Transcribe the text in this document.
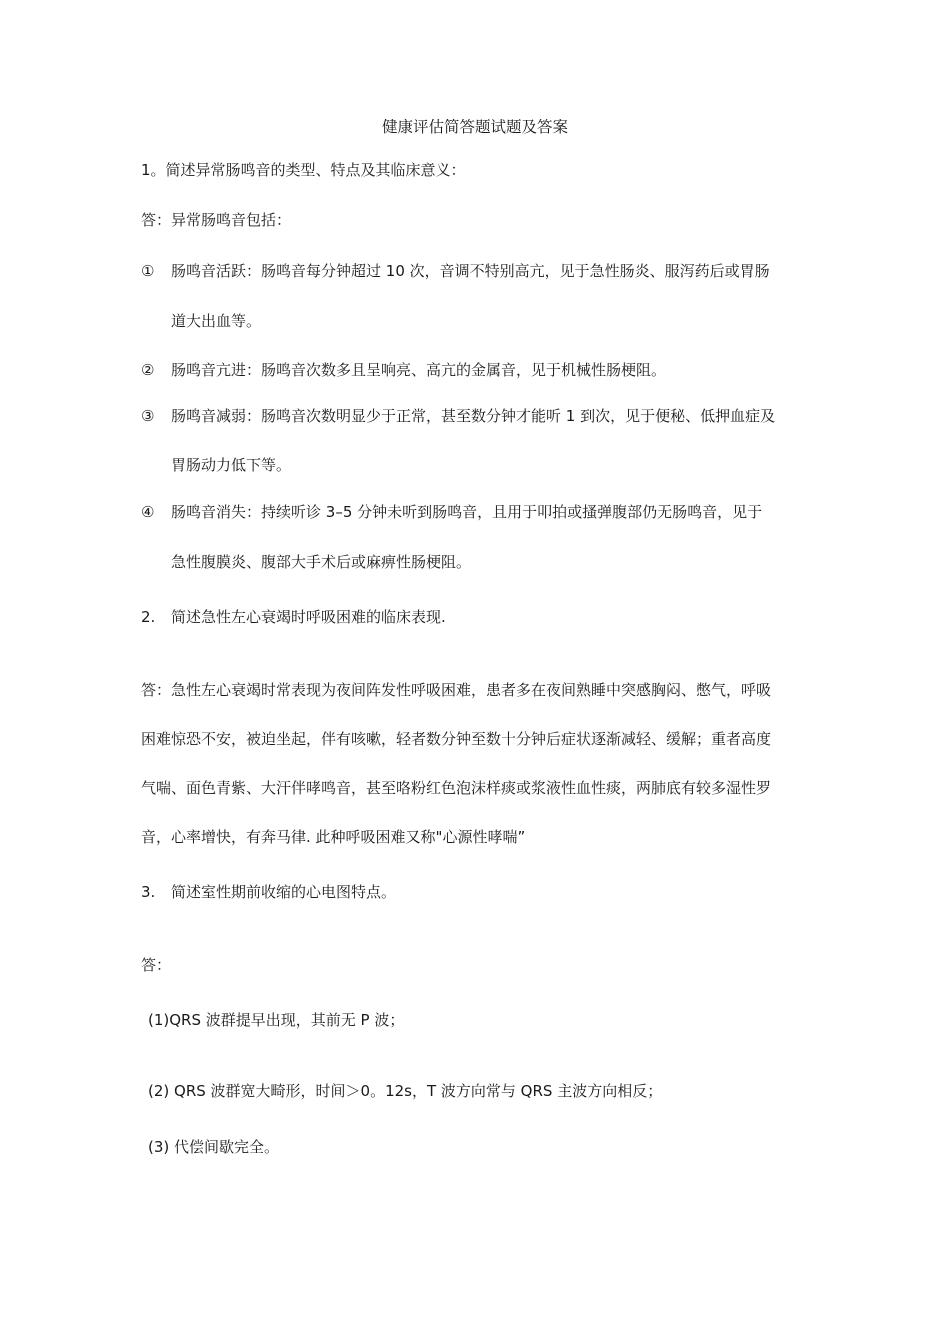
健康评估简答题试题及答案

1。简述异常肠鸣音的类型、特点及其临床意义：

答：异常肠鸣音包括：

① 肠鸣音活跃：肠鸣音每分钟超过 10 次，音调不特别高亢，见于急性肠炎、服泻药后或胃肠

道大出血等。

② 肠鸣音亢进：肠鸣音次数多且呈响亮、高亢的金属音，见于机械性肠梗阻。

③ 肠鸣音减弱：肠鸣音次数明显少于正常，甚至数分钟才能听 1 到次，见于便秘、低押血症及

胃肠动力低下等。

④ 肠鸣音消失：持续听诊 3–5 分钟未听到肠鸣音，且用于叩拍或搔弹腹部仍无肠鸣音，见于

急性腹膜炎、腹部大手术后或麻痹性肠梗阻。

2. 简述急性左心衰竭时呼吸困难的临床表现.

答：急性左心衰竭时常表现为夜间阵发性呼吸困难，患者多在夜间熟睡中突感胸闷、憋气，呼吸

困难惊恐不安，被迫坐起，伴有咳嗽，轻者数分钟至数十分钟后症状逐渐减轻、缓解；重者高度

气喘、面色青紫、大汗伴哮鸣音，甚至咯粉红色泡沫样痰或浆液性血性痰，两肺底有较多湿性罗

音，心率增快，有奔马律. 此种呼吸困难又称"心源性哮喘”

3. 简述室性期前收缩的心电图特点。

答：

(1)QRS 波群提早出现，其前无 P 波；

(2) QRS 波群宽大畸形，时间＞0。12s，T 波方向常与 QRS 主波方向相反；

(3) 代偿间歇完全。
